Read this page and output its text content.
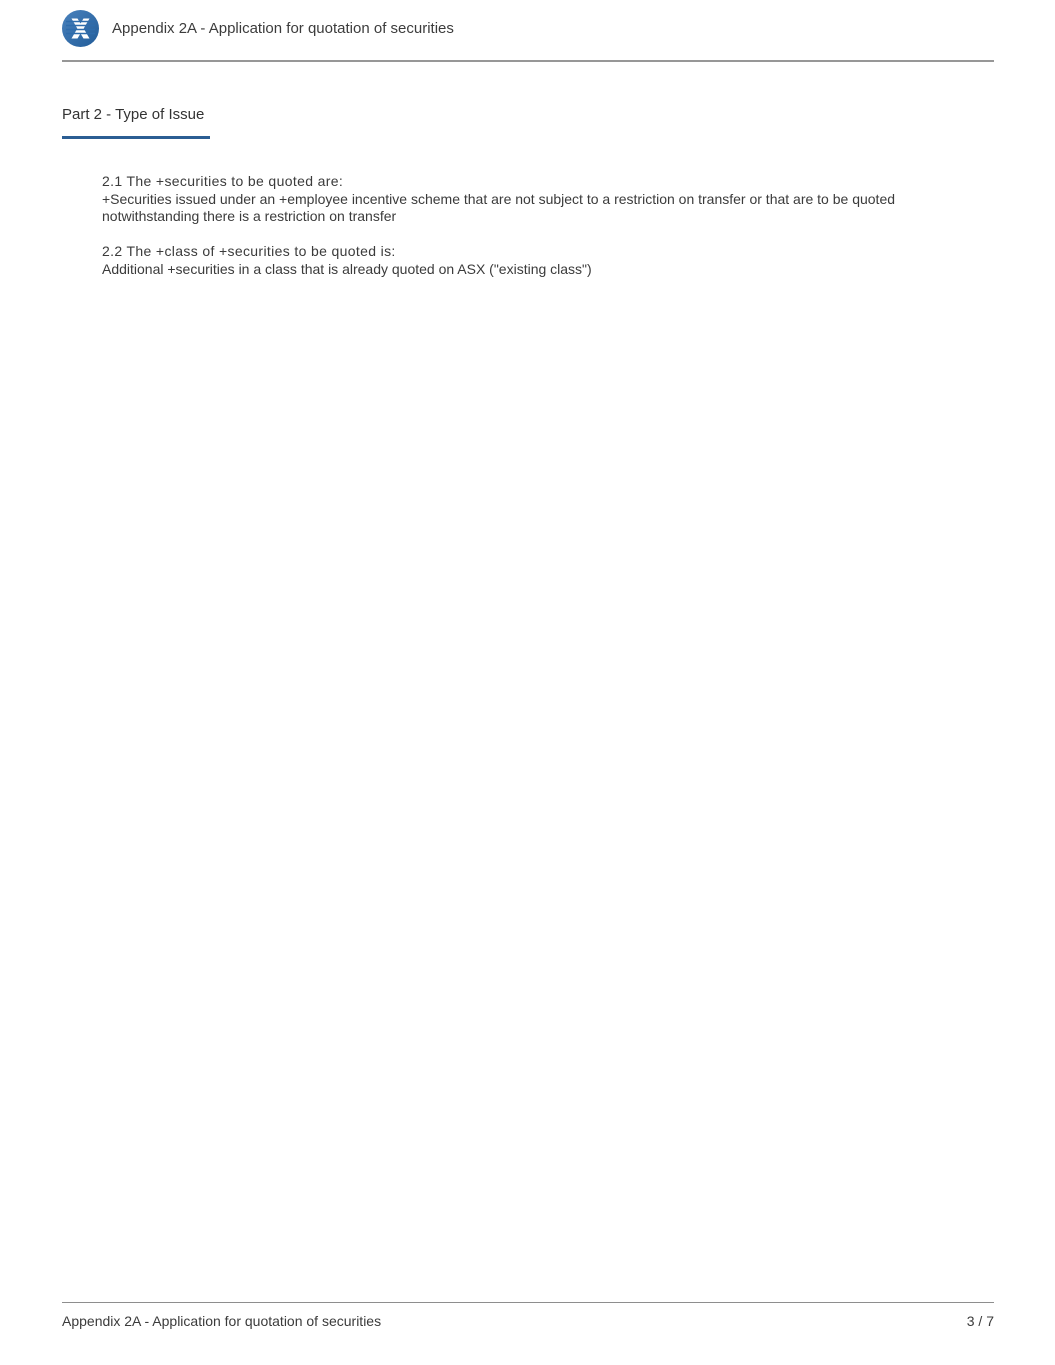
Appendix 2A - Application for quotation of securities
Part 2 - Type of Issue
2.1 The +securities to be quoted are:
+Securities issued under an +employee incentive scheme that are not subject to a restriction on transfer or that are to be quoted notwithstanding there is a restriction on transfer
2.2 The +class of +securities to be quoted is:
Additional +securities in a class that is already quoted on ASX ("existing class")
Appendix 2A - Application for quotation of securities	3 / 7
